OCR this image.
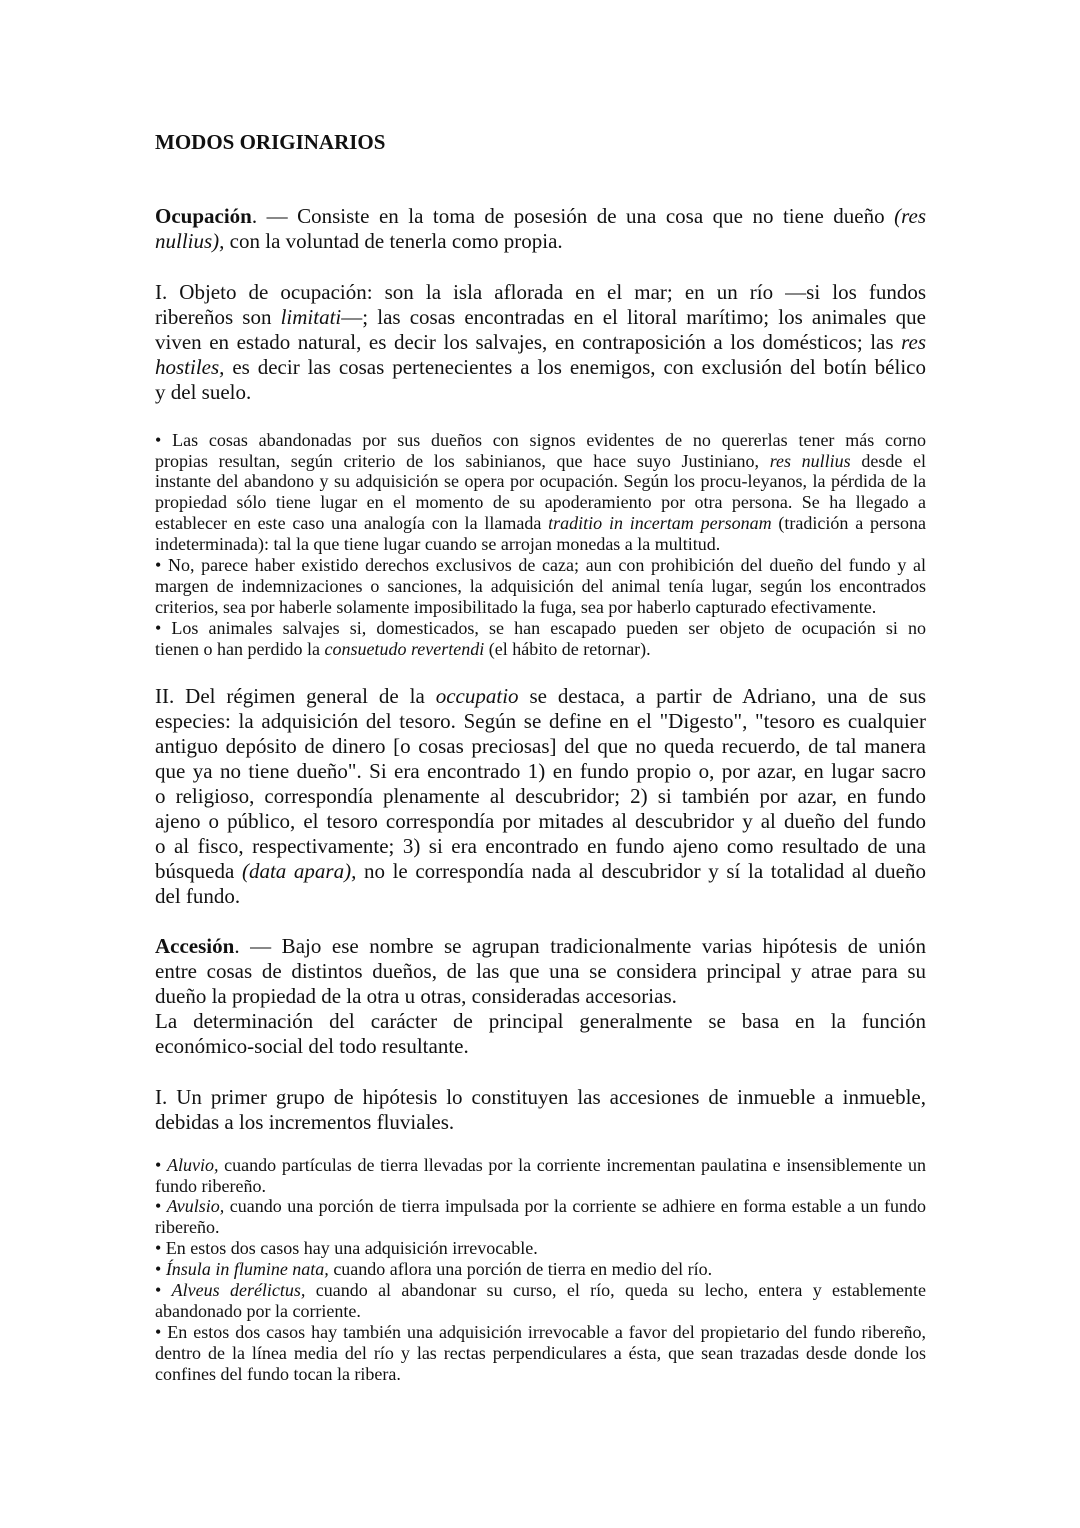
MODOS ORIGINARIOS
Ocupación. — Consiste en la toma de posesión de una cosa que no tiene dueño (res
nullius), con la voluntad de tenerla como propia.
I. Objeto de ocupación: son la isla aflorada en el mar; en un río —si los fundos
ribereños son limitati—; las cosas encontradas en el litoral marítimo; los animales que
viven en estado natural, es decir los salvajes, en contraposición a los domésticos; las res
hostiles, es decir las cosas pertenecientes a los enemigos, con exclusión del botín bélico
y del suelo.
• Las cosas abandonadas por sus dueños con signos evidentes de no quererlas tener más corno
propias resultan, según criterio de los sabinianos, que hace suyo Justiniano, res nullius desde el
instante del abandono y su adquisición se opera por ocupación. Según los procu-leyanos, la pérdida de la
propiedad sólo tiene lugar en el momento de su apoderamiento por otra persona. Se ha llegado a
establecer en este caso una analogía con la llamada traditio in incertam personam (tradición a persona
indeterminada): tal la que tiene lugar cuando se arrojan monedas a la multitud.
• No, parece haber existido derechos exclusivos de caza; aun con prohibición del dueño del fundo y al
margen de indemnizaciones o sanciones, la adquisición del animal tenía lugar, según los encontrados
criterios, sea por haberle solamente imposibilitado la fuga, sea por haberlo capturado efectivamente.
• Los animales salvajes si, domesticados, se han escapado pueden ser objeto de ocupación si no
tienen o han perdido la consuetudo revertendi (el hábito de retornar).
II. Del régimen general de la occupatio se destaca, a partir de Adriano, una de sus
especies: la adquisición del tesoro. Según se define en el "Digesto", "tesoro es cualquier
antiguo depósito de dinero [o cosas preciosas] del que no queda recuerdo, de tal manera
que ya no tiene dueño". Si era encontrado 1) en fundo propio o, por azar, en lugar sacro
o religioso, correspondía plenamente al descubridor; 2) si también por azar, en fundo
ajeno o público, el tesoro correspondía por mitades al descubridor y al dueño del fundo
o al fisco, respectivamente; 3) si era encontrado en fundo ajeno como resultado de una
búsqueda (data apara), no le correspondía nada al descubridor y sí la totalidad al dueño
del fundo.
Accesión. — Bajo ese nombre se agrupan tradicionalmente varias hipótesis de unión
entre cosas de distintos dueños, de las que una se considera principal y atrae para su
dueño la propiedad de la otra u otras, consideradas accesorias.
La determinación del carácter de principal generalmente se basa en la función
económico-social del todo resultante.
I. Un primer grupo de hipótesis lo constituyen las accesiones de inmueble a inmueble,
debidas a los incrementos fluviales.
• Aluvio, cuando partículas de tierra llevadas por la corriente incrementan paulatina e insensiblemente un
fundo ribereño.
• Avulsio, cuando una porción de tierra impulsada por la corriente se adhiere en forma estable a un fundo
ribereño.
• En estos dos casos hay una adquisición irrevocable.
• Ínsula in flumine nata, cuando aflora una porción de tierra en medio del río.
• Alveus derélictus, cuando al abandonar su curso, el río, queda su lecho, entera y establemente
abandonado por la corriente.
• En estos dos casos hay también una adquisición irrevocable a favor del propietario del fundo ribereño,
dentro de la línea media del río y las rectas perpendiculares a ésta, que sean trazadas desde donde los
confines del fundo tocan la ribera.
